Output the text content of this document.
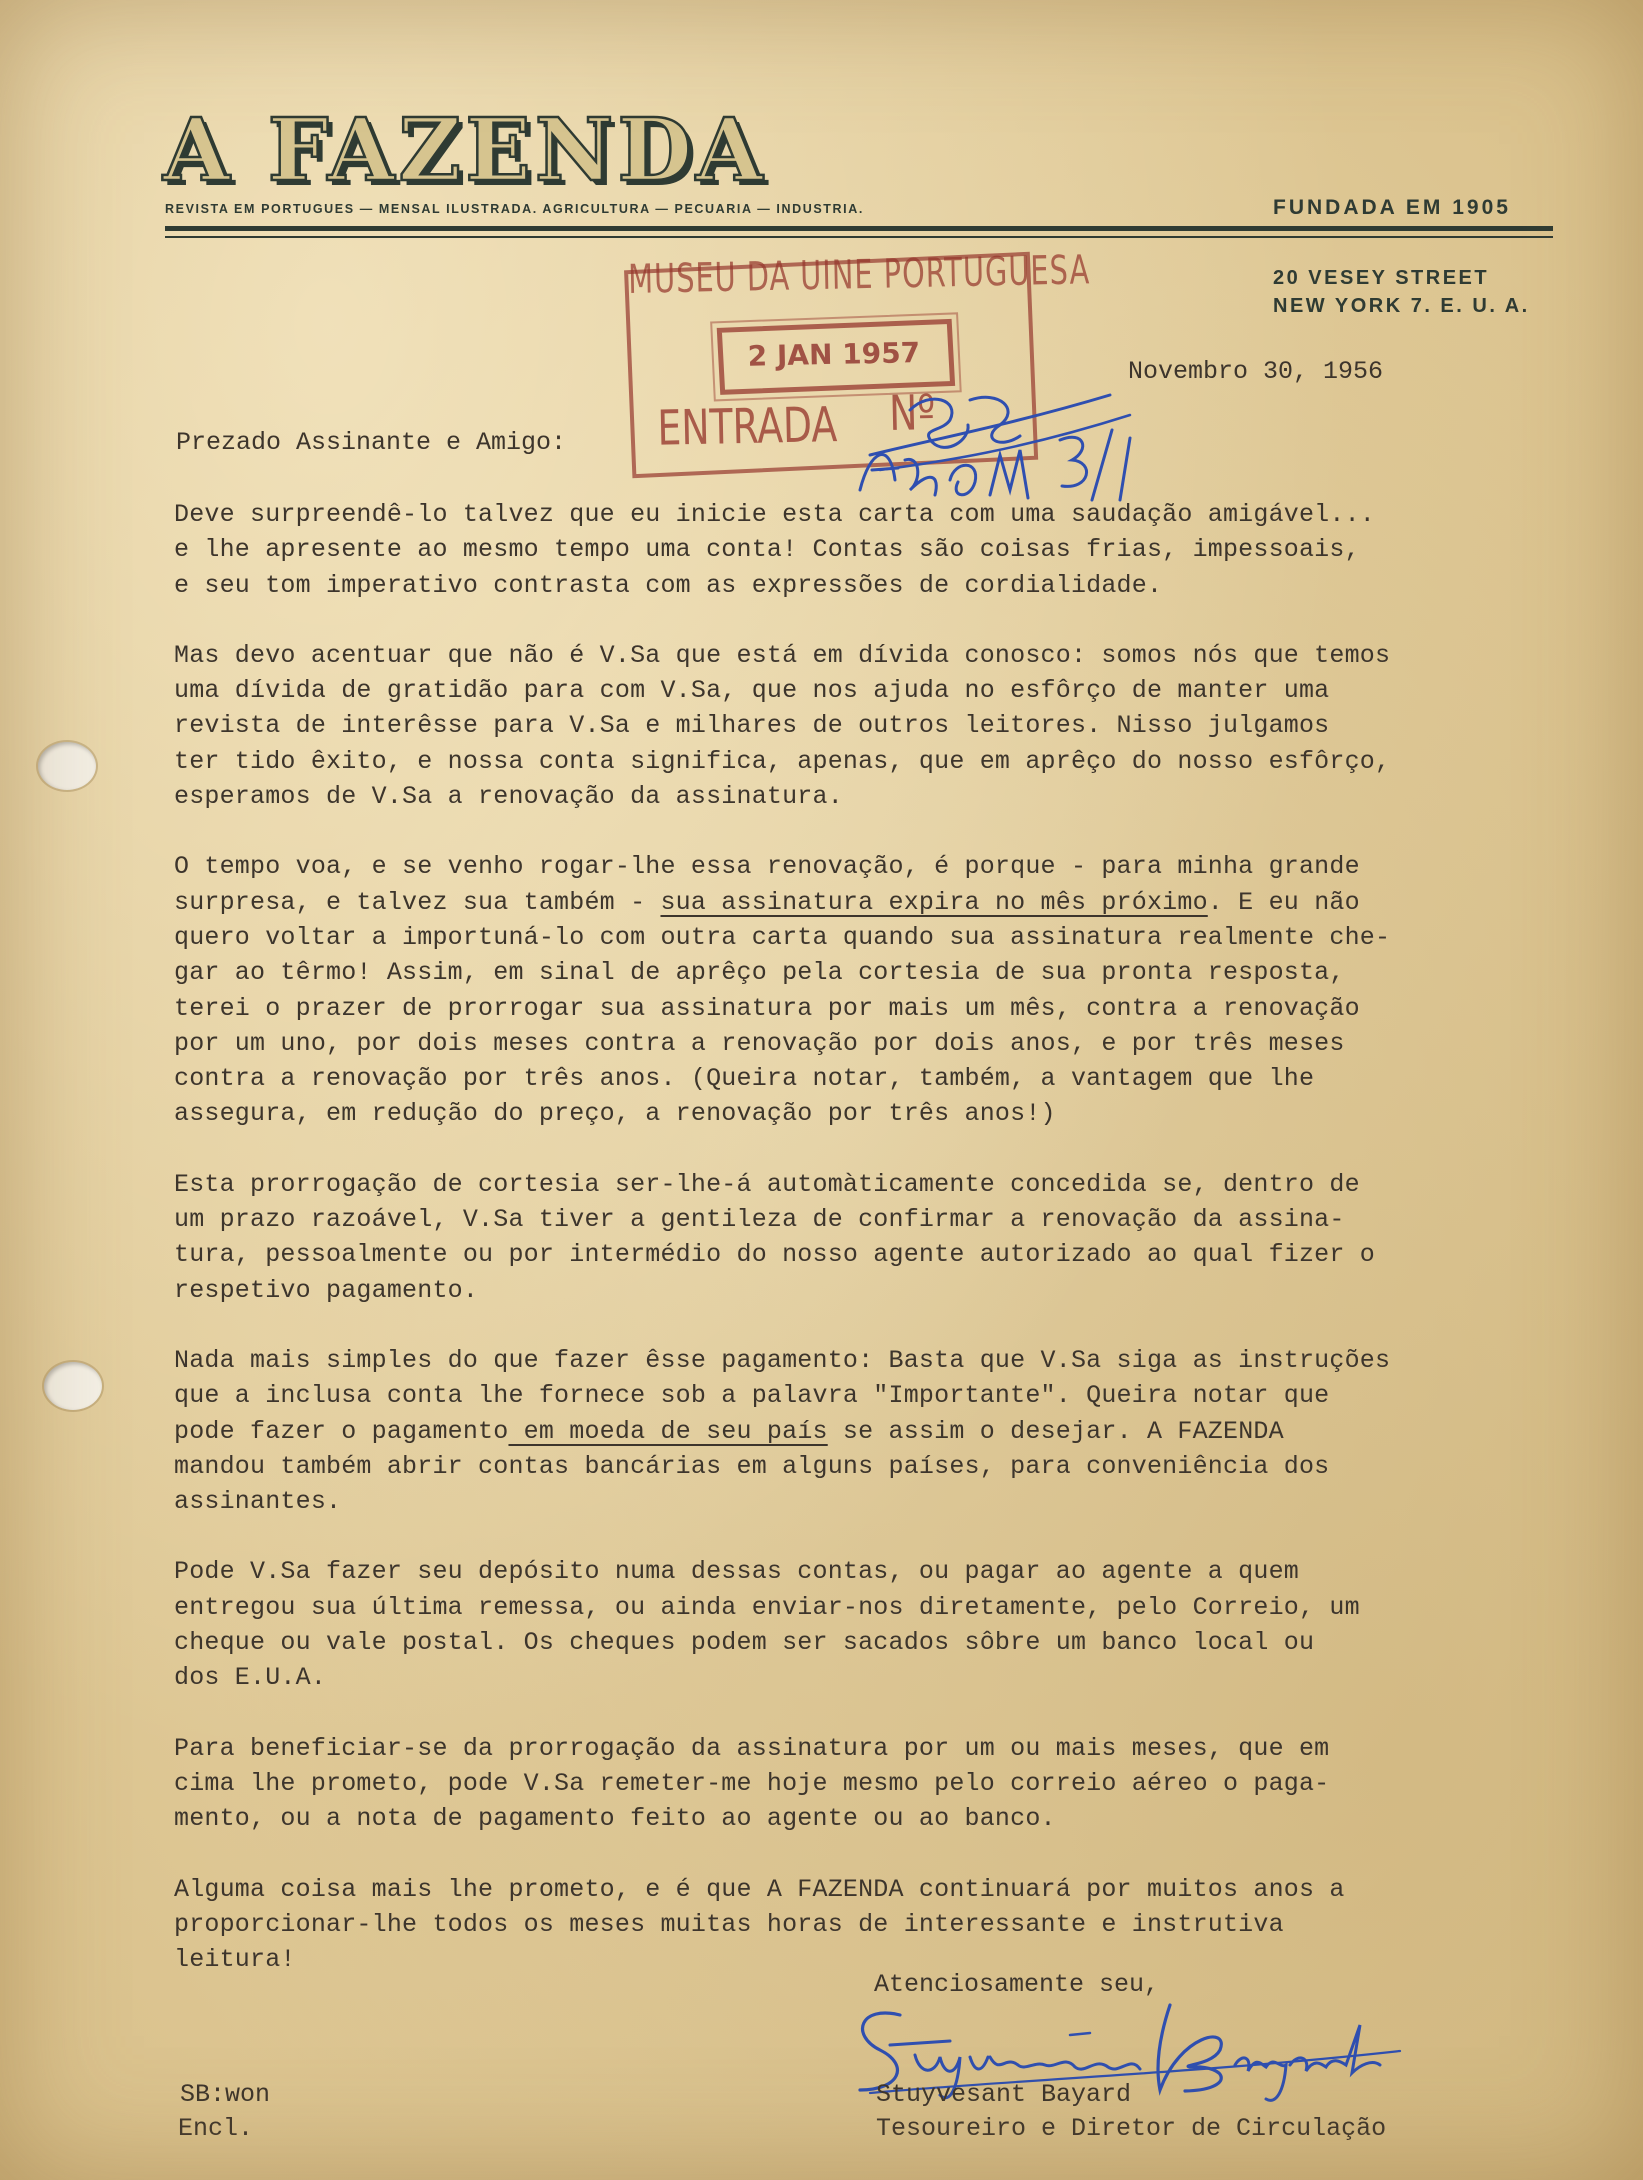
A FAZENDA
REVISTA EM PORTUGUES — MENSAL ILUSTRADA. AGRICULTURA — PECUARIA — INDUSTRIA.	FUNDADA EM 1905
20 VESEY STREET
NEW YORK 7. E. U. A.
MUSEU DA UINE PORTUGUESA
2 JAN 1957
ENTRADA Nº
Novembro 30, 1956
Prezado Assinante e Amigo:
Deve surpreendê-lo talvez que eu inicie esta carta com uma saudação amigável...
e lhe apresente ao mesmo tempo uma conta! Contas são coisas frias, impessoais,
e seu tom imperativo contrasta com as expressões de cordialidade.
Mas devo acentuar que não é V.Sa que está em dívida conosco: somos nós que temos
uma dívida de gratidão para com V.Sa, que nos ajuda no esfôrço de manter uma
revista de interêsse para V.Sa e milhares de outros leitores. Nisso julgamos
ter tido êxito, e nossa conta significa, apenas, que em aprêço do nosso esfôrço,
esperamos de V.Sa a renovação da assinatura.
O tempo voa, e se venho rogar-lhe essa renovação, é porque - para minha grande
surpresa, e talvez sua também - sua assinatura expira no mês próximo. E eu não
quero voltar a importuná-lo com outra carta quando sua assinatura realmente che-
gar ao têrmo! Assim, em sinal de aprêço pela cortesia de sua pronta resposta,
terei o prazer de prorrogar sua assinatura por mais um mês, contra a renovação
por um uno, por dois meses contra a renovação por dois anos, e por três meses
contra a renovação por três anos. (Queira notar, também, a vantagem que lhe
assegura, em redução do preço, a renovação por três anos!)
Esta prorrogação de cortesia ser-lhe-á automàticamente concedida se, dentro de
um prazo razoável, V.Sa tiver a gentileza de confirmar a renovação da assina-
tura, pessoalmente ou por intermédio do nosso agente autorizado ao qual fizer o
respetivo pagamento.
Nada mais simples do que fazer êsse pagamento: Basta que V.Sa siga as instruções
que a inclusa conta lhe fornece sob a palavra "Importante". Queira notar que
pode fazer o pagamento em moeda de seu país se assim o desejar. A FAZENDA
mandou também abrir contas bancárias em alguns países, para conveniência dos
assinantes.
Pode V.Sa fazer seu depósito numa dessas contas, ou pagar ao agente a quem
entregou sua última remessa, ou ainda enviar-nos diretamente, pelo Correio, um
cheque ou vale postal. Os cheques podem ser sacados sôbre um banco local ou
dos E.U.A.
Para beneficiar-se da prorrogação da assinatura por um ou mais meses, que em
cima lhe prometo, pode V.Sa remeter-me hoje mesmo pelo correio aéreo o paga-
mento, ou a nota de pagamento feito ao agente ou ao banco.
Alguma coisa mais lhe prometo, e é que A FAZENDA continuará por muitos anos a
proporcionar-lhe todos os meses muitas horas de interessante e instrutiva
leitura!
Atenciosamente seu,
Stuyvesant Bayard
Tesoureiro e Diretor de Circulação
SB:won
Encl.
